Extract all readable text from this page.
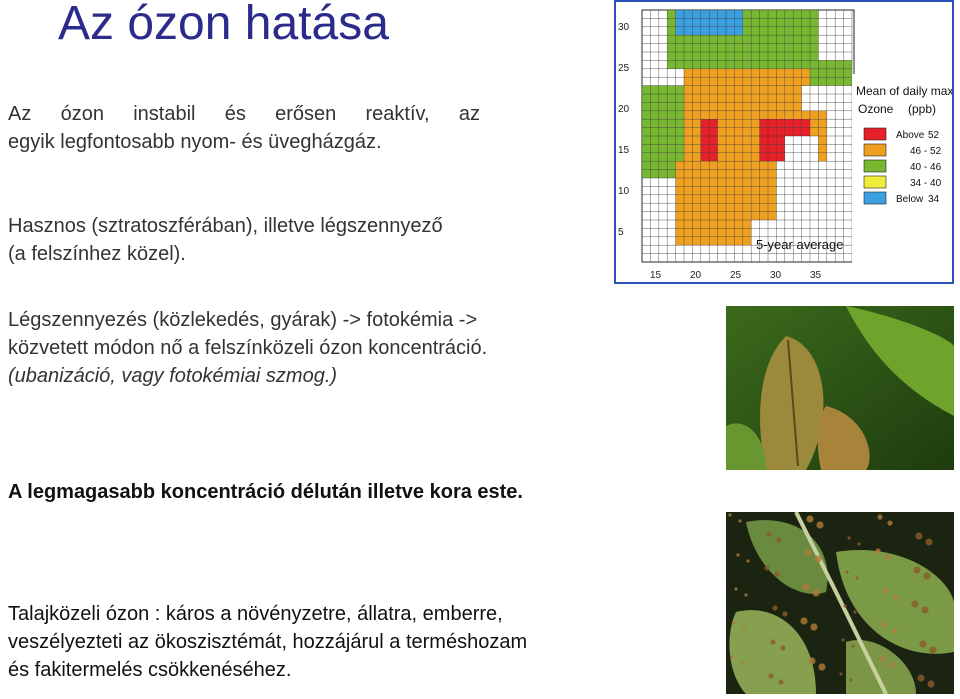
Az ózon hatása
Az ózon instabil és erősen reaktív, az
egyik legfontosabb nyom- és üvegházgáz.
Hasznos (sztratoszférában), illetve légszennyező
(a felszínhez közel).
Légszennyezés (közlekedés, gyárak) -> fotokémia ->
közvetett módon nő a felszínközeli ózon koncentráció.
(ubanizáció, vagy fotokémiai szmog.)
A legmagasabb koncentráció délután illetve kora este.
Talajközeli ózon : káros a növényzetre, állatra, emberre,
veszélyezteti az ökoszisztémát, hozzájárul a terméshozam
és fakitermelés csökkenéséhez.
Mean of daily max.
Ozone (ppb)
Above 52
46 - 52
40 - 46
34 - 40
Below 34
5-year average
30
25
20
15
10
5
15	20	25	30	35
